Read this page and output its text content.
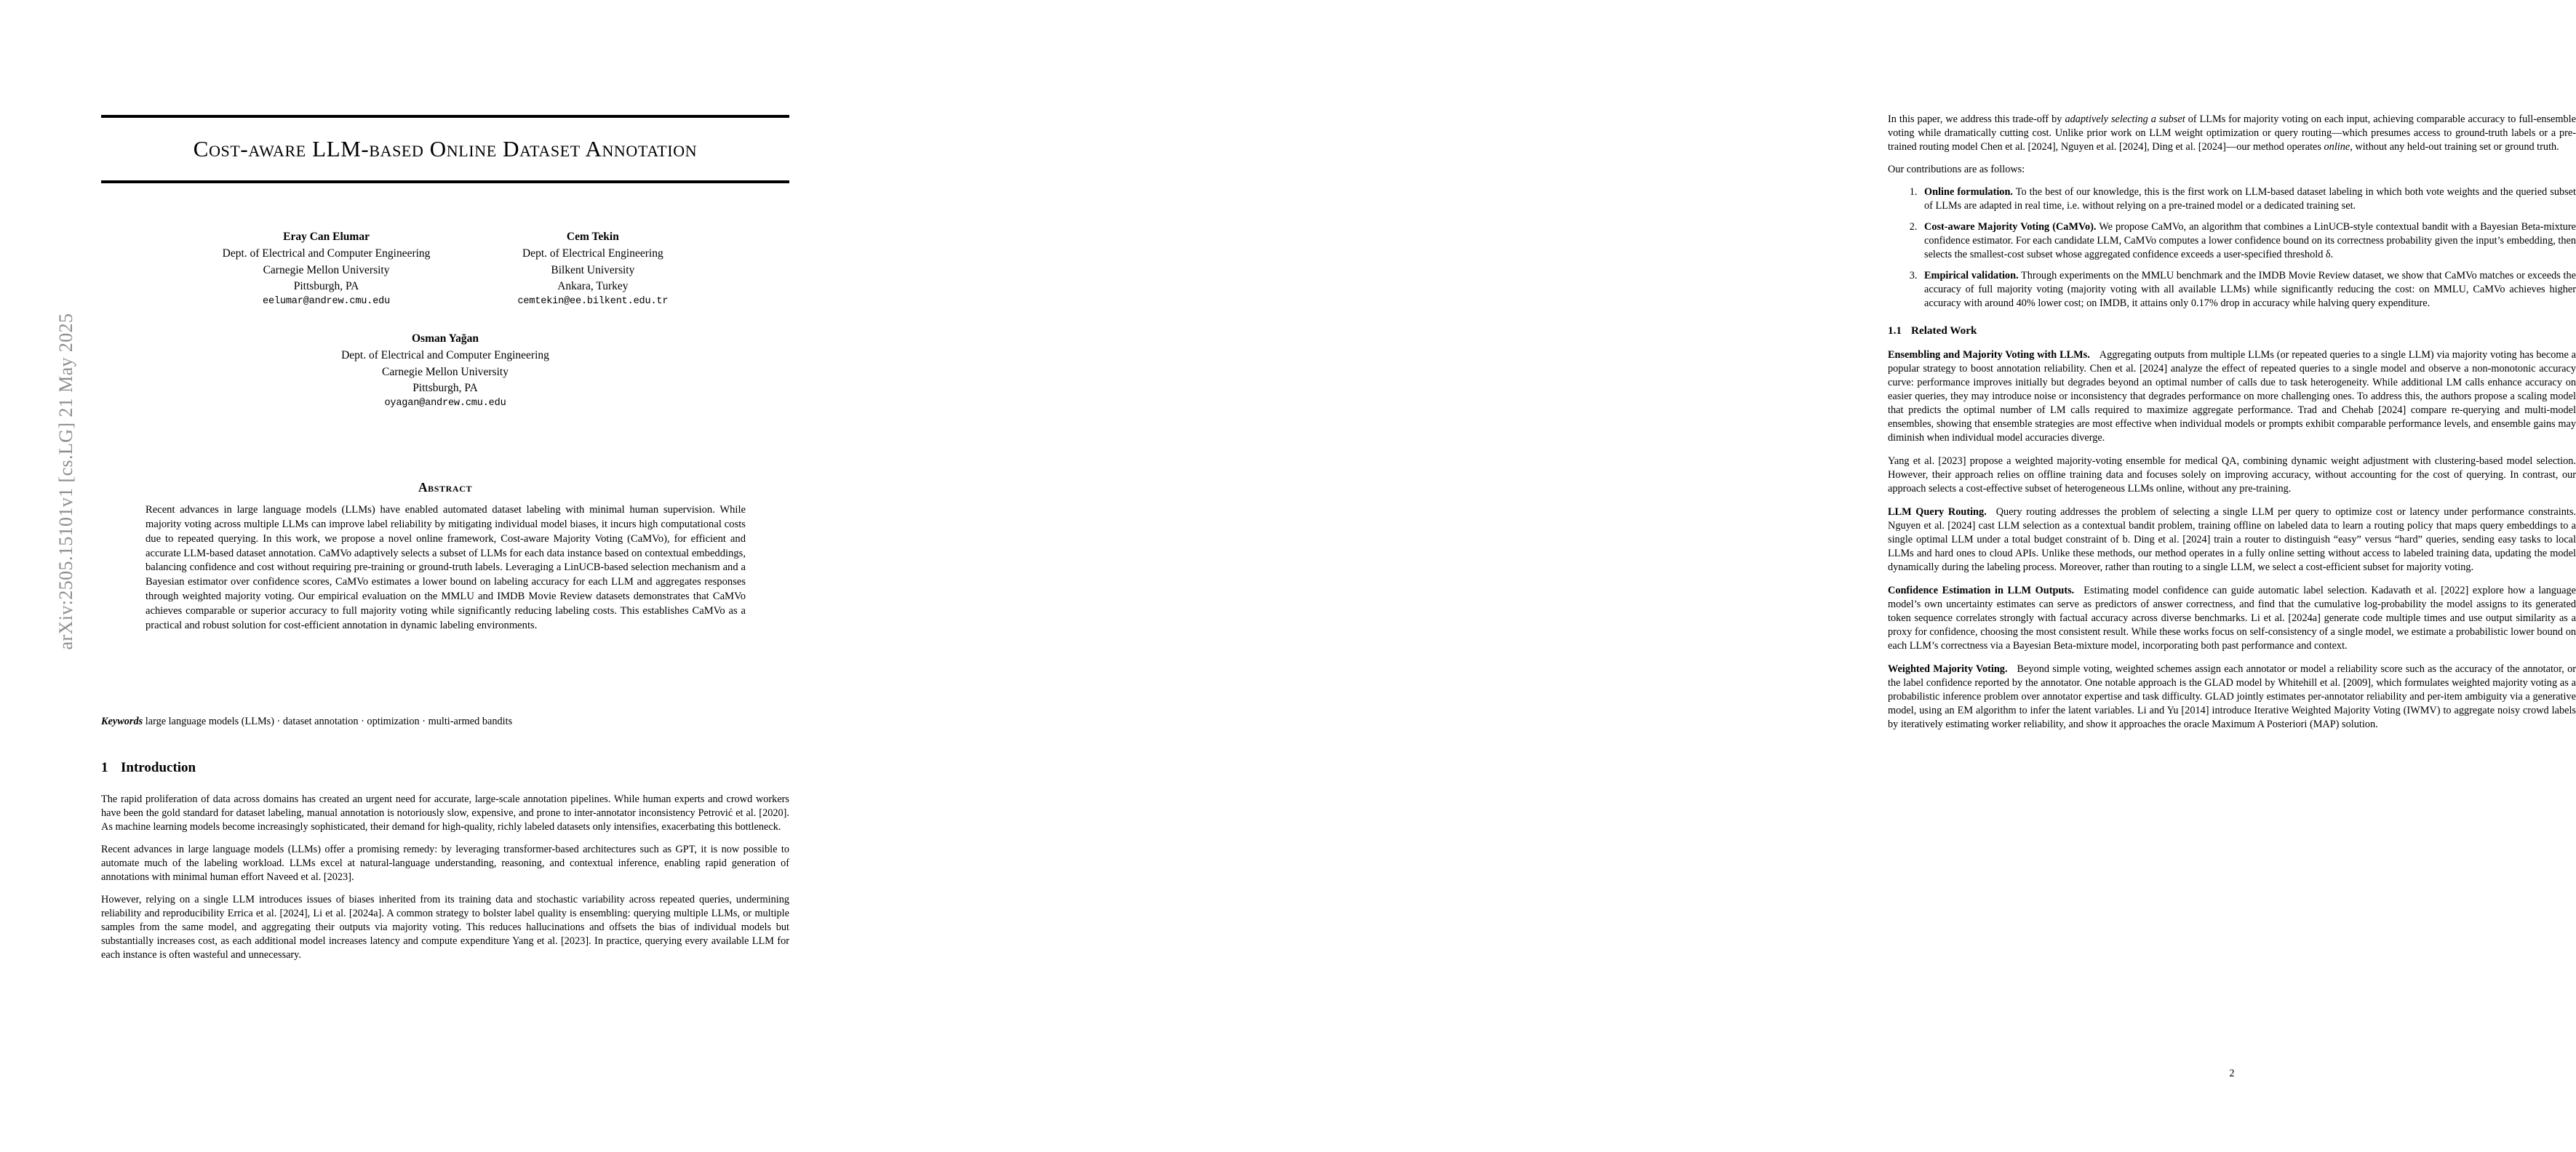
arXiv:2505.15101v1 [cs.LG] 21 May 2025
Cost-aware LLM-based Online Dataset Annotation
Eray Can Elumar
Dept. of Electrical and Computer Engineering
Carnegie Mellon University
Pittsburgh, PA
eelumar@andrew.cmu.edu
Cem Tekin
Dept. of Electrical Engineering
Bilkent University
Ankara, Turkey
cemtekin@ee.bilkent.edu.tr
Osman Yağan
Dept. of Electrical and Computer Engineering
Carnegie Mellon University
Pittsburgh, PA
oyagan@andrew.cmu.edu
Abstract
Recent advances in large language models (LLMs) have enabled automated dataset labeling with minimal human supervision. While majority voting across multiple LLMs can improve label reliability by mitigating individual model biases, it incurs high computational costs due to repeated querying. In this work, we propose a novel online framework, Cost-aware Majority Voting (CaMVo), for efficient and accurate LLM-based dataset annotation. CaMVo adaptively selects a subset of LLMs for each data instance based on contextual embeddings, balancing confidence and cost without requiring pre-training or ground-truth labels. Leveraging a LinUCB-based selection mechanism and a Bayesian estimator over confidence scores, CaMVo estimates a lower bound on labeling accuracy for each LLM and aggregates responses through weighted majority voting. Our empirical evaluation on the MMLU and IMDB Movie Review datasets demonstrates that CaMVo achieves comparable or superior accuracy to full majority voting while significantly reducing labeling costs. This establishes CaMVo as a practical and robust solution for cost-efficient annotation in dynamic labeling environments.
Keywords large language models (LLMs) · dataset annotation · optimization · multi-armed bandits
1 Introduction

The rapid proliferation of data across domains has created an urgent need for accurate, large-scale annotation pipelines. While human experts and crowd workers have been the gold standard for dataset labeling, manual annotation is notoriously slow, expensive, and prone to inter-annotator inconsistency Petrović et al. [2020]. As machine learning models become increasingly sophisticated, their demand for high-quality, richly labeled datasets only intensifies, exacerbating this bottleneck.

Recent advances in large language models (LLMs) offer a promising remedy: by leveraging transformer-based architectures such as GPT, it is now possible to automate much of the labeling workload. LLMs excel at natural-language understanding, reasoning, and contextual inference, enabling rapid generation of annotations with minimal human effort Naveed et al. [2023].

However, relying on a single LLM introduces issues of biases inherited from its training data and stochastic variability across repeated queries, undermining reliability and reproducibility Errica et al. [2024], Li et al. [2024a]. A common strategy to bolster label quality is ensembling: querying multiple LLMs, or multiple samples from the same model, and aggregating their outputs via majority voting. This reduces hallucinations and offsets the bias of individual models but substantially increases cost, as each additional model increases latency and compute expenditure Yang et al. [2023]. In practice, querying every available LLM for each instance is often wasteful and unnecessary.

In this paper, we address this trade-off by adaptively selecting a subset of LLMs for majority voting on each input, achieving comparable accuracy to full-ensemble voting while dramatically cutting cost. Unlike prior work on LLM weight optimization or query routing—which presumes access to ground-truth labels or a pre-trained routing model Chen et al. [2024], Nguyen et al. [2024], Ding et al. [2024]—our method operates online, without any held-out training set or ground truth.

Our contributions are as follows:

1. Online formulation. To the best of our knowledge, this is the first work on LLM-based dataset labeling in which both vote weights and the queried subset of LLMs are adapted in real time, i.e. without relying on a pre-trained model or a dedicated training set.
2. Cost-aware Majority Voting (CaMVo). We propose CaMVo, an algorithm that combines a LinUCB-style contextual bandit with a Bayesian Beta-mixture confidence estimator. For each candidate LLM, CaMVo computes a lower confidence bound on its correctness probability given the input’s embedding, then selects the smallest-cost subset whose aggregated confidence exceeds a user-specified threshold δ.
3. Empirical validation. Through experiments on the MMLU benchmark and the IMDB Movie Review dataset, we show that CaMVo matches or exceeds the accuracy of full majority voting (majority voting with all available LLMs) while significantly reducing the cost: on MMLU, CaMVo achieves higher accuracy with around 40% lower cost; on IMDB, it attains only 0.17% drop in accuracy while halving query expenditure.
1.1 Related Work

Ensembling and Majority Voting with LLMs. Aggregating outputs from multiple LLMs (or repeated queries to a single LLM) via majority voting has become a popular strategy to boost annotation reliability. Chen et al. [2024] analyze the effect of repeated queries to a single model and observe a non-monotonic accuracy curve: performance improves initially but degrades beyond an optimal number of calls due to task heterogeneity. While additional LM calls enhance accuracy on easier queries, they may introduce noise or inconsistency that degrades performance on more challenging ones. To address this, the authors propose a scaling model that predicts the optimal number of LM calls required to maximize aggregate performance. Trad and Chehab [2024] compare re-querying and multi-model ensembles, showing that ensemble strategies are most effective when individual models or prompts exhibit comparable performance levels, and ensemble gains may diminish when individual model accuracies diverge.

Yang et al. [2023] propose a weighted majority-voting ensemble for medical QA, combining dynamic weight adjustment with clustering-based model selection. However, their approach relies on offline training data and focuses solely on improving accuracy, without accounting for the cost of querying. In contrast, our approach selects a cost-effective subset of heterogeneous LLMs online, without any pre-training.

LLM Query Routing. Query routing addresses the problem of selecting a single LLM per query to optimize cost or latency under performance constraints. Nguyen et al. [2024] cast LLM selection as a contextual bandit problem, training offline on labeled data to learn a routing policy that maps query embeddings to a single optimal LLM under a total budget constraint of b. Ding et al. [2024] train a router to distinguish “easy” versus “hard” queries, sending easy tasks to local LLMs and hard ones to cloud APIs. Unlike these methods, our method operates in a fully online setting without access to labeled training data, updating the model dynamically during the labeling process. Moreover, rather than routing to a single LLM, we select a cost-efficient subset for majority voting.

Confidence Estimation in LLM Outputs. Estimating model confidence can guide automatic label selection. Kadavath et al. [2022] explore how a language model’s own uncertainty estimates can serve as predictors of answer correctness, and find that the cumulative log-probability the model assigns to its generated token sequence correlates strongly with factual accuracy across diverse benchmarks. Li et al. [2024a] generate code multiple times and use output similarity as a proxy for confidence, choosing the most consistent result. While these works focus on self-consistency of a single model, we estimate a probabilistic lower bound on each LLM’s correctness via a Bayesian Beta-mixture model, incorporating both past performance and context.

Weighted Majority Voting. Beyond simple voting, weighted schemes assign each annotator or model a reliability score such as the accuracy of the annotator, or the label confidence reported by the annotator. One notable approach is the GLAD model by Whitehill et al. [2009], which formulates weighted majority voting as a probabilistic inference problem over annotator expertise and task difficulty. GLAD jointly estimates per-annotator reliability and per-item ambiguity via a generative model, using an EM algorithm to infer the latent variables. Li and Yu [2014] introduce Iterative Weighted Majority Voting (IWMV) to aggregate noisy crowd labels by iteratively estimating worker reliability, and show it approaches the oracle Maximum A Posteriori (MAP) solution.

2
